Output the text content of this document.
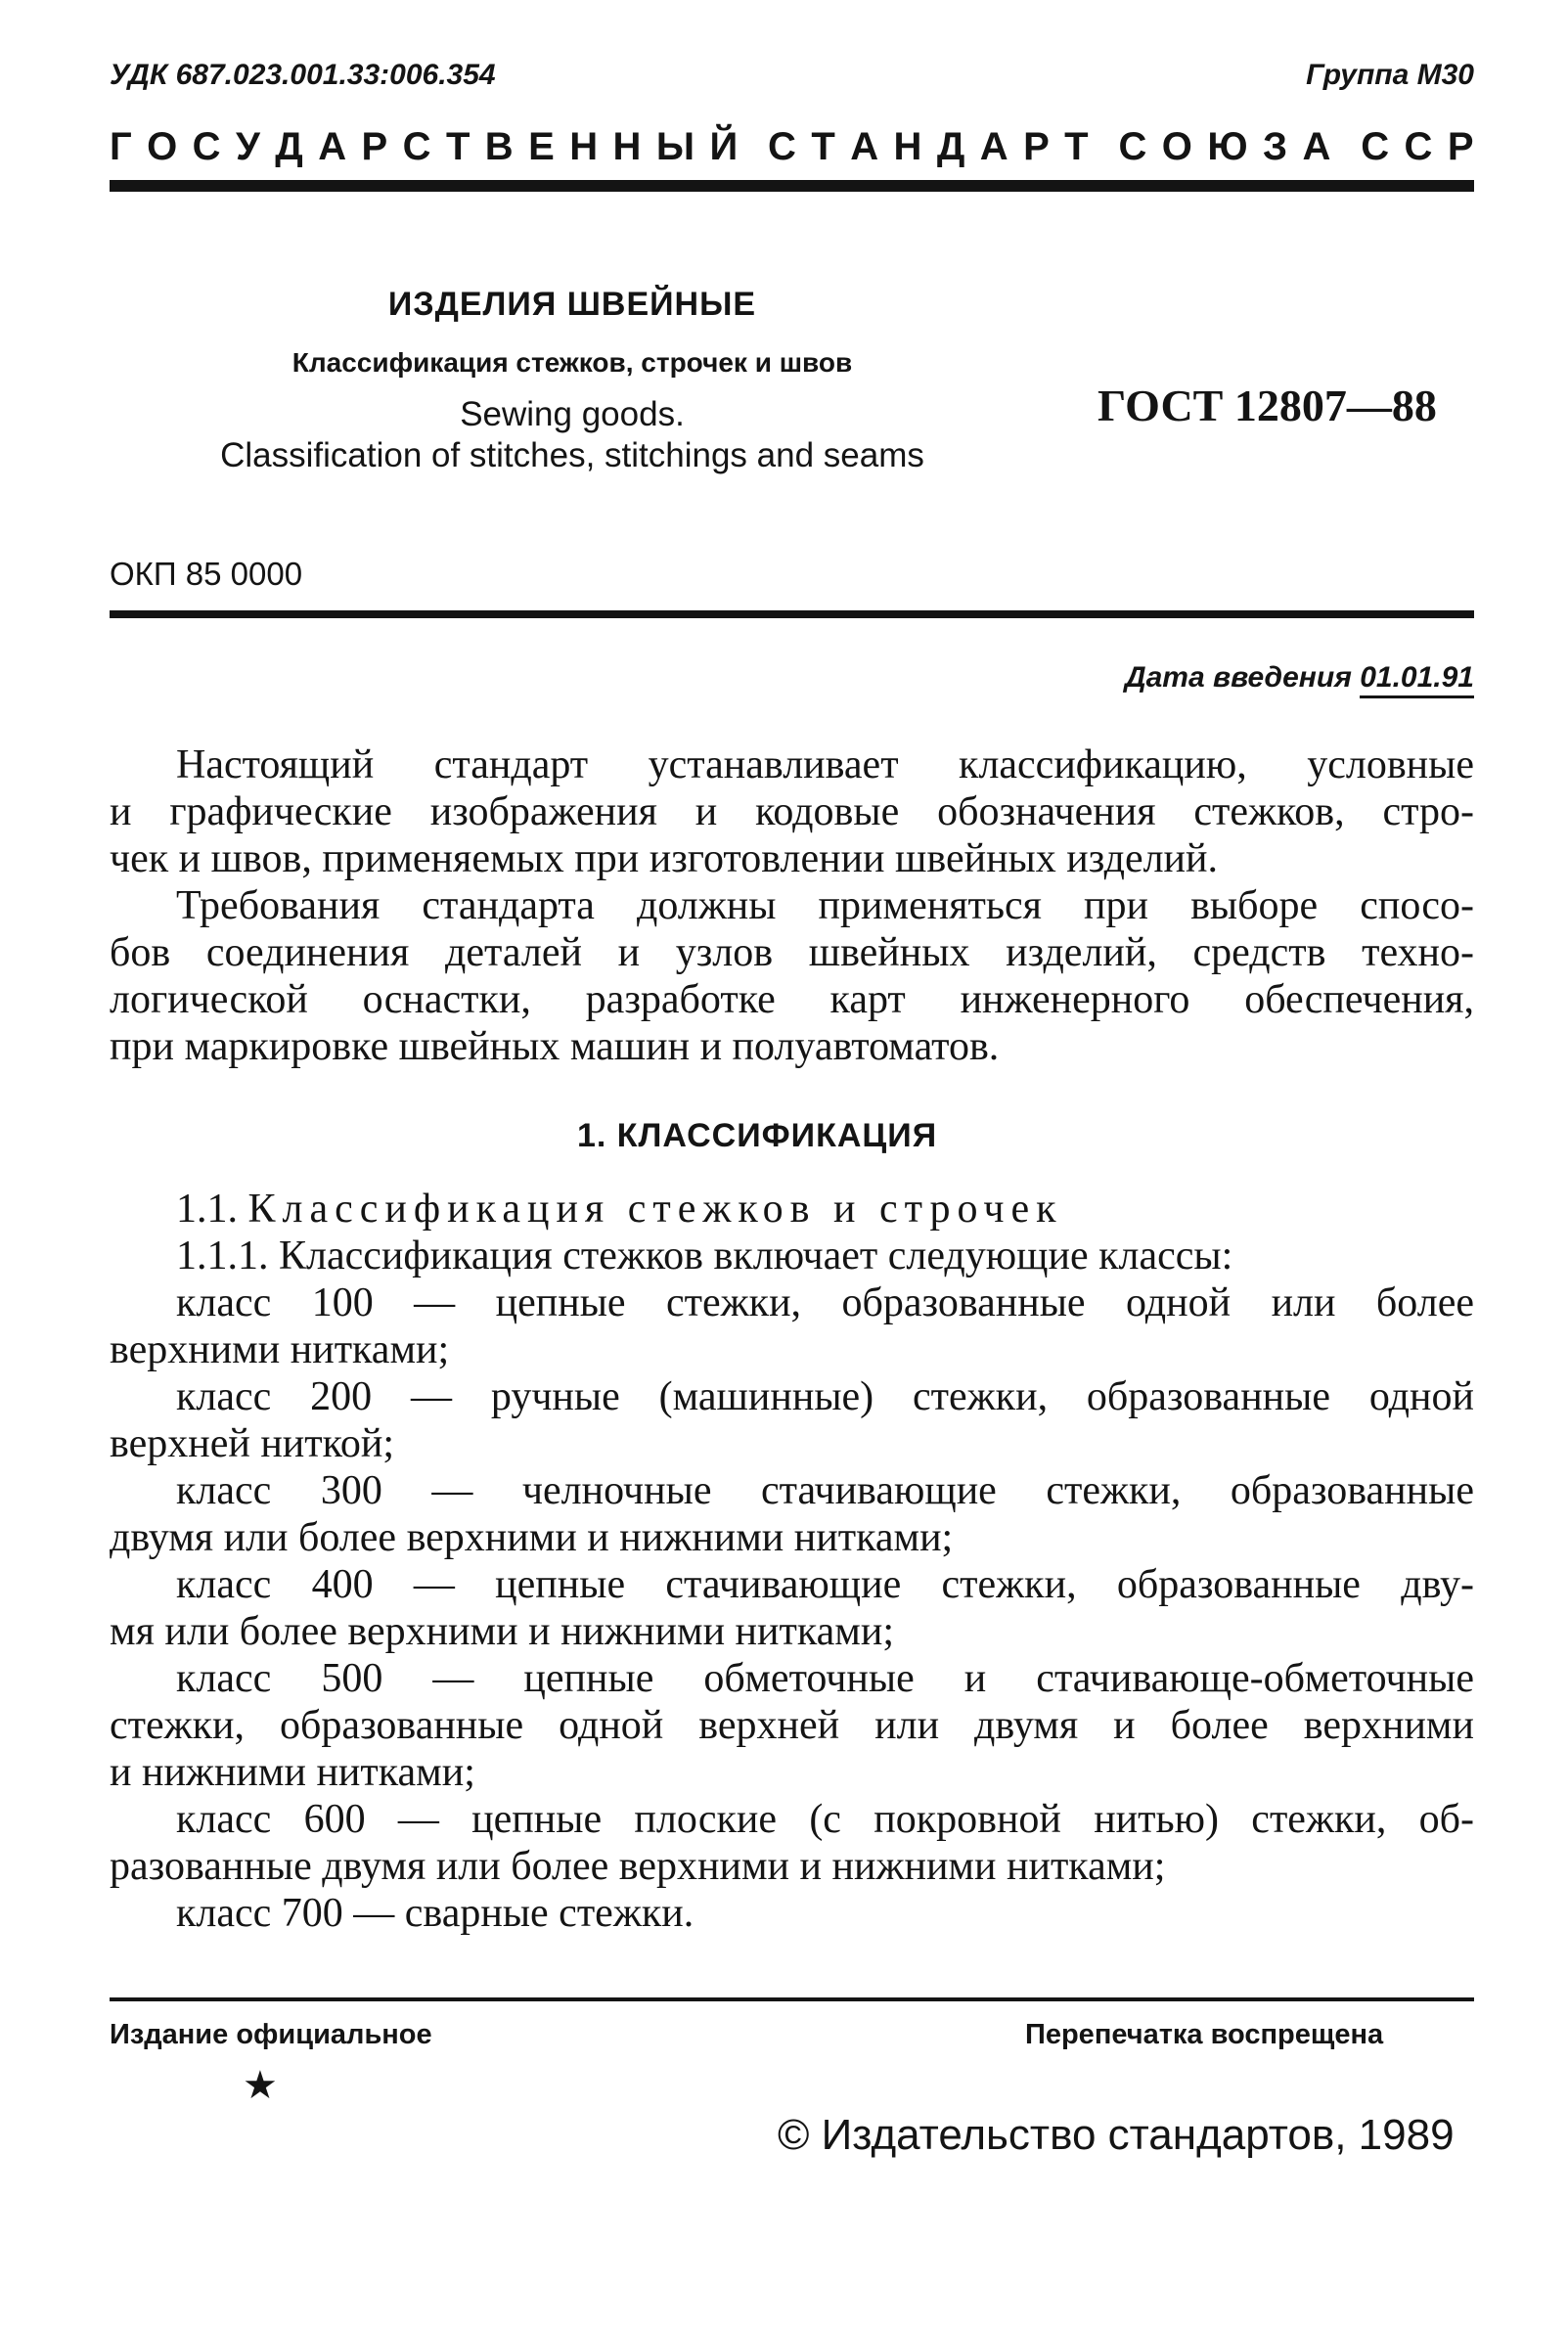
УДК 687.023.001.33:006.354	Группа М30
Г О С У Д А Р С Т В Е Н Н Ы Й С Т А Н Д А Р Т С О Ю З А С С Р
ИЗДЕЛИЯ ШВЕЙНЫЕ
Классификация стежков, строчек и швов
Sewing goods.
Classification of stitches, stitchings and seams
ГОСТ 12807—88
ОКП 85 0000
Дата введения 01.01.91
Настоящий стандарт устанавливает классификацию, условные
и графические изображения и кодовые обозначения стежков, стро-
чек и швов, применяемых при изготовлении швейных изделий.
Требования стандарта должны применяться при выборе спосо-
бов соединения деталей и узлов швейных изделий, средств техно-
логической оснастки, разработке карт инженерного обеспечения,
при маркировке швейных машин и полуавтоматов.
1. КЛАССИФИКАЦИЯ
1.1. Классификация стежков и строчек
1.1.1. Классификация стежков включает следующие классы:
класс 100 — цепные стежки, образованные одной или более
верхними нитками;
класс 200 — ручные (машинные) стежки, образованные одной
верхней ниткой;
класс 300 — челночные стачивающие стежки, образованные
двумя или более верхними и нижними нитками;
класс 400 — цепные стачивающие стежки, образованные дву-
мя или более верхними и нижними нитками;
класс 500 — цепные обметочные и стачивающе-обметочные
стежки, образованные одной верхней или двумя и более верхними
и нижними нитками;
класс 600 — цепные плоские (с покровной нитью) стежки, об-
разованные двумя или более верхними и нижними нитками;
класс 700 — сварные стежки.
Издание официальное
★
Перепечатка воспрещена
© Издательство стандартов, 1989
